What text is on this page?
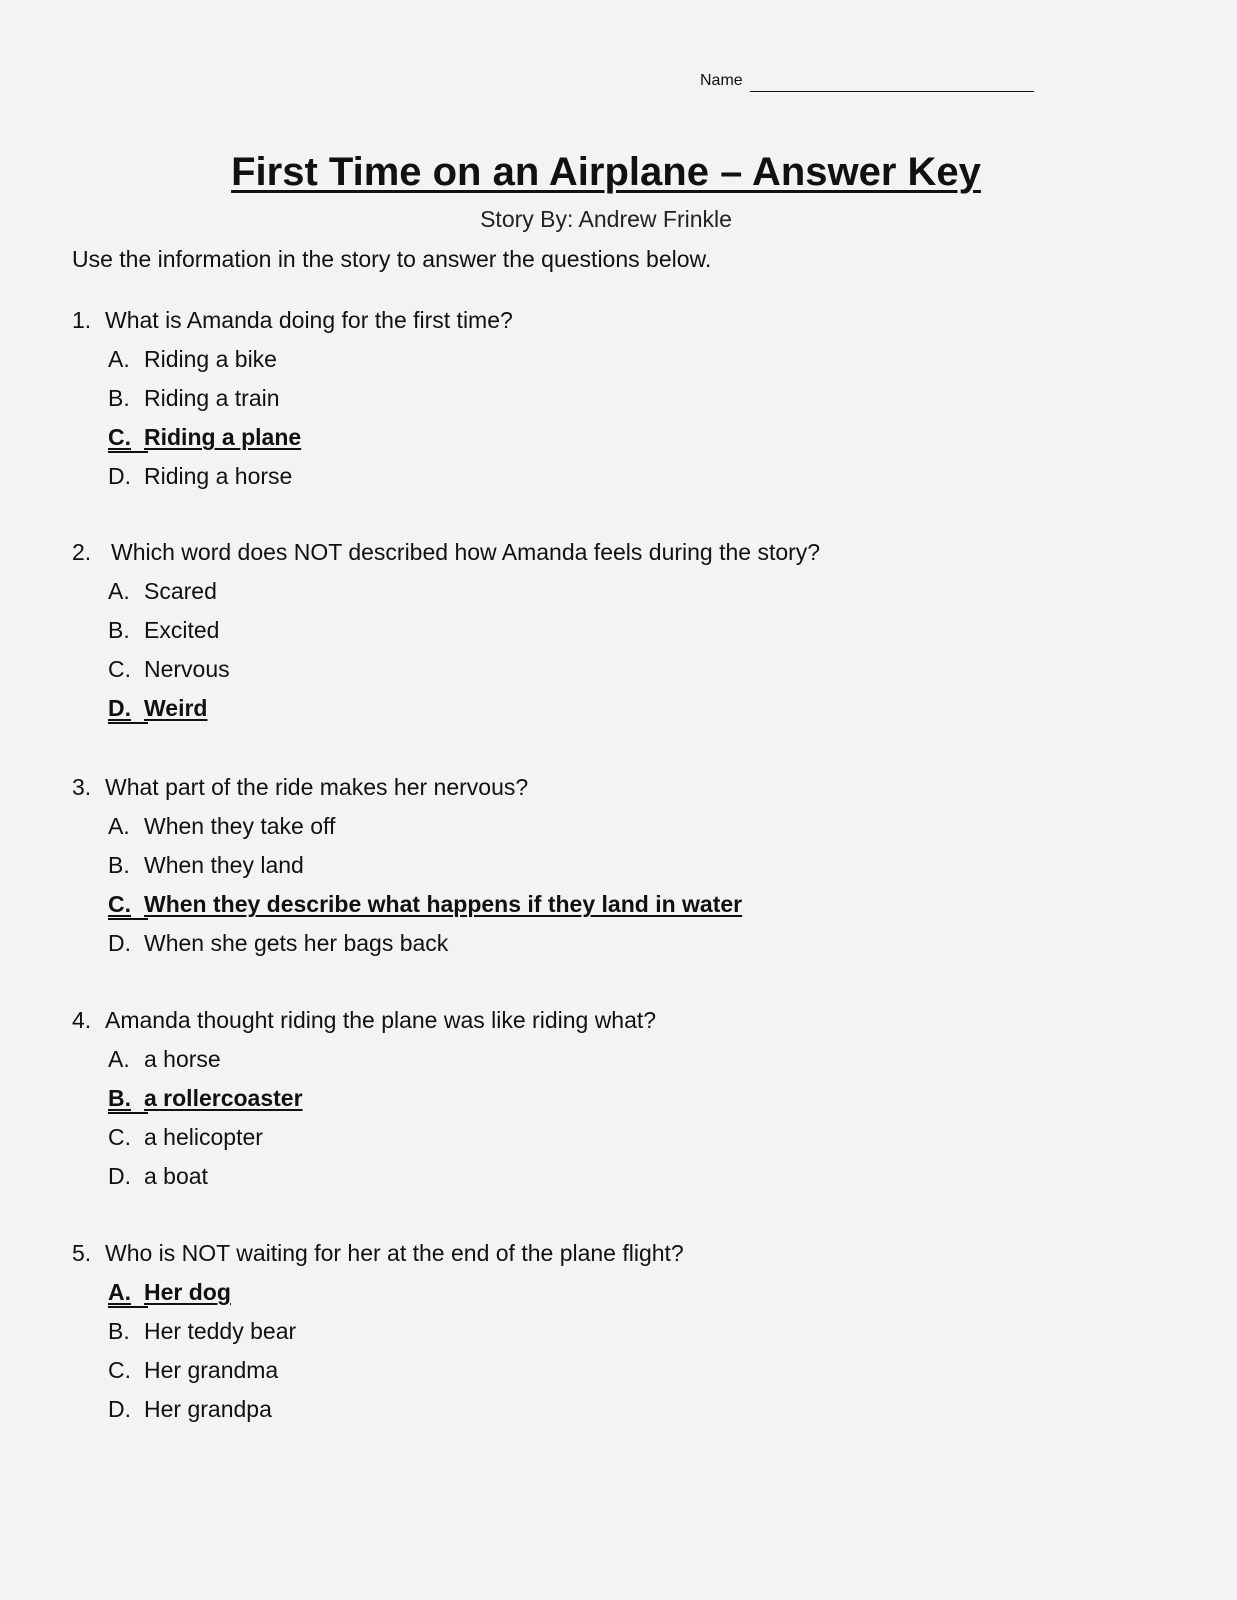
Name
First Time on an Airplane – Answer Key
Story By: Andrew Frinkle
Use the information in the story to answer the questions below.
1. What is Amanda doing for the first time?
A. Riding a bike
B. Riding a train
C. Riding a plane
D. Riding a horse
2. Which word does NOT described how Amanda feels during the story?
A. Scared
B. Excited
C. Nervous
D. Weird
3. What part of the ride makes her nervous?
A. When they take off
B. When they land
C. When they describe what happens if they land in water
D. When she gets her bags back
4. Amanda thought riding the plane was like riding what?
A. a horse
B. a rollercoaster
C. a helicopter
D. a boat
5. Who is NOT waiting for her at the end of the plane flight?
A. Her dog
B. Her teddy bear
C. Her grandma
D. Her grandpa
